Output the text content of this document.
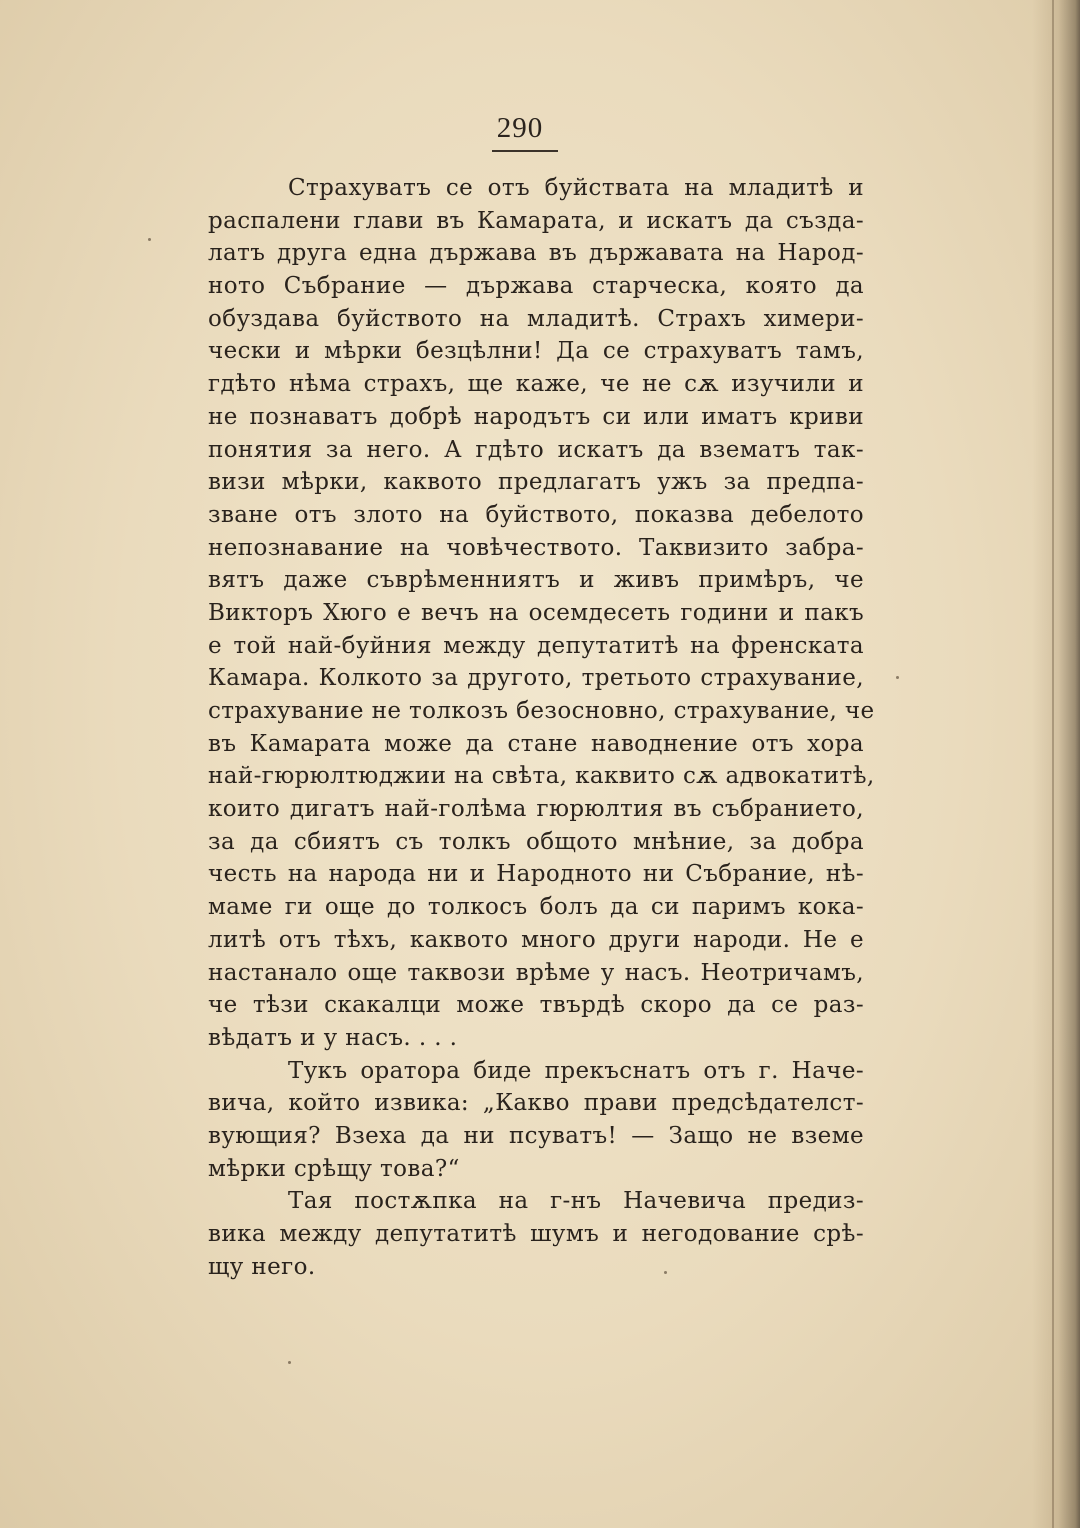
290
Страхуватъ се отъ буйствата на младитѣ и
распалени глави въ Камарата, и искатъ да създа-
латъ друга една държава въ държавата на Народ-
ното Събрание — държава старческа, която да
обуздава буйството на младитѣ. Страхъ химери-
чески и мѣрки безцѣлни! Да се страхуватъ тамъ,
гдѣто нѣма страхъ, ще каже, че не сѫ изучили и
не познаватъ добрѣ народътъ си или иматъ криви
понятия за него. А гдѣто искатъ да взематъ так-
визи мѣрки, каквото предлагатъ ужъ за предпа-
зване отъ злото на буйството, показва дебелото
непознавание на човѣчеството. Таквизито забра-
вятъ даже съврѣменниятъ и живъ примѣръ, че
Викторъ Хюго е вечъ на осемдесеть години и пакъ
е той най-буйния между депутатитѣ на френската
Камара. Колкото за другото, третьото страхувание,
страхувание не толкозъ безосновно, страхувание, че
въ Камарата може да стане наводнение отъ хора
най-гюрюлтюджии на свѣта, каквито сѫ адвокатитѣ,
които дигатъ най-голѣма гюрюлтия въ събранието,
за да сбиятъ съ толкъ общото мнѣние, за добра
честь на народа ни и Народното ни Събрание, нѣ-
маме ги още до толкосъ болъ да си паримъ кока-
литѣ отъ тѣхъ, каквото много други народи. Не е
настанало още таквози врѣме у насъ. Неотричамъ,
че тѣзи скакалци може твърдѣ скоро да се раз-
вѣдатъ и у насъ. . . .
Тукъ оратора биде прекъснатъ отъ г. Наче-
вича, който извика: „Какво прави предсѣдателст-
вующия? Взеха да ни псуватъ! — Защо не вземе
мѣрки срѣщу това?“
Тая постѫпка на г-нъ Начевича предиз-
вика между депутатитѣ шумъ и негодование срѣ-
щу него.
